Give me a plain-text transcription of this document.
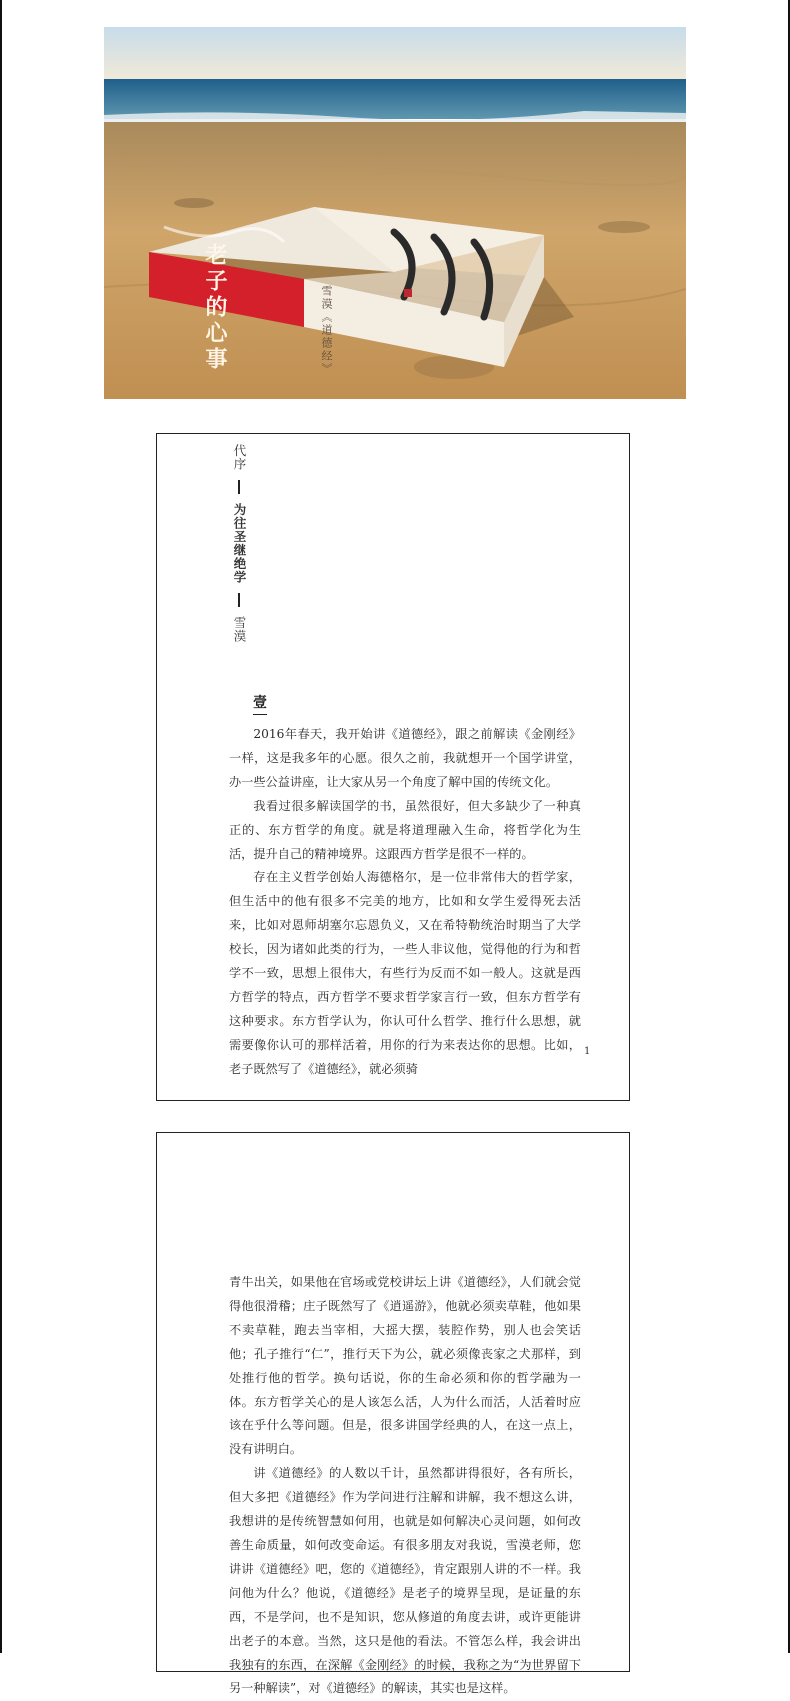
老子的心事	雪漠《道德经》
代序  为往圣继绝学  雪漠
壹

2016年春天，我开始讲《道德经》，跟之前解读《金刚经》一样，这是我多年的心愿。很久之前，我就想开一个国学讲堂，办一些公益讲座，让大家从另一个角度了解中国的传统文化。

我看过很多解读国学的书，虽然很好，但大多缺少了一种真正的、东方哲学的角度。就是将道理融入生命，将哲学化为生活，提升自己的精神境界。这跟西方哲学是很不一样的。

存在主义哲学创始人海德格尔，是一位非常伟大的哲学家，但生活中的他有很多不完美的地方，比如和女学生爱得死去活来，比如对恩师胡塞尔忘恩负义，又在希特勒统治时期当了大学校长，因为诸如此类的行为，一些人非议他，觉得他的行为和哲学不一致，思想上很伟大，有些行为反而不如一般人。这就是西方哲学的特点，西方哲学不要求哲学家言行一致，但东方哲学有这种要求。东方哲学认为，你认可什么哲学、推行什么思想，就需要像你认可的那样活着，用你的行为来表达你的思想。比如，老子既然写了《道德经》，就必须骑

1

青牛出关，如果他在官场或党校讲坛上讲《道德经》，人们就会觉得他很滑稽；庄子既然写了《逍遥游》，他就必须卖草鞋，他如果不卖草鞋，跑去当宰相，大摇大摆，装腔作势，别人也会笑话他；孔子推行“仁”，推行天下为公，就必须像丧家之犬那样，到处推行他的哲学。换句话说，你的生命必须和你的哲学融为一体。东方哲学关心的是人该怎么活，人为什么而活，人活着时应该在乎什么等问题。但是，很多讲国学经典的人，在这一点上，没有讲明白。

讲《道德经》的人数以千计，虽然都讲得很好，各有所长，但大多把《道德经》作为学问进行注解和讲解，我不想这么讲，我想讲的是传统智慧如何用，也就是如何解决心灵问题，如何改善生命质量，如何改变命运。有很多朋友对我说，雪漠老师，您讲讲《道德经》吧，您的《道德经》，肯定跟别人讲的不一样。我问他为什么？他说，《道德经》是老子的境界呈现，是证量的东西，不是学问，也不是知识，您从修道的角度去讲，或许更能讲出老子的本意。当然，这只是他的看法。不管怎么样，我会讲出我独有的东西，在深解《金刚经》的时候，我称之为“为世界留下另一种解读”，对《道德经》的解读，其实也是这样。
